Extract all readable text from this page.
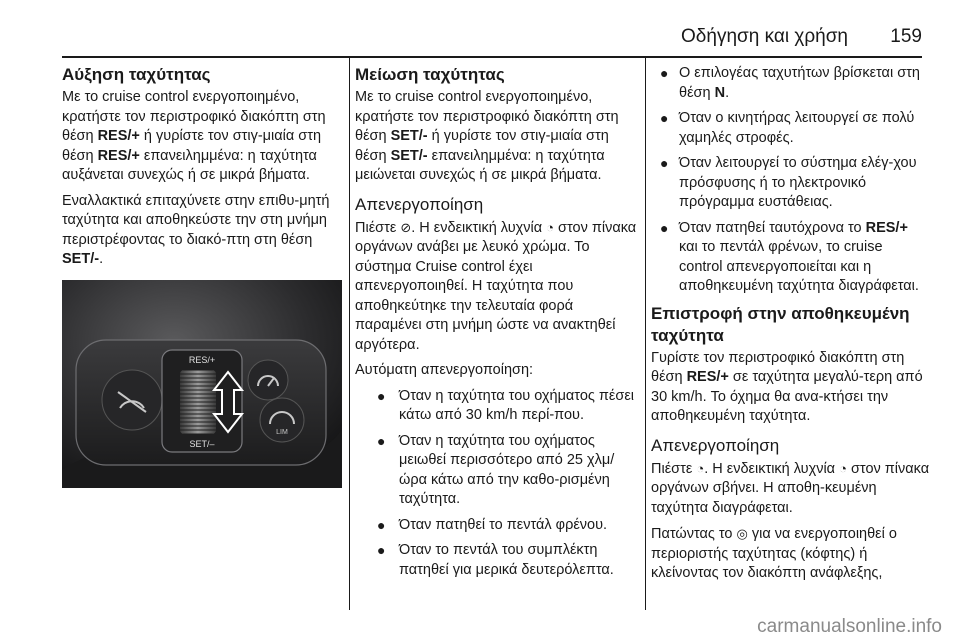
Οδήγηση και χρήση 159
Αύξηση ταχύτητας

Με το cruise control ενεργοποιημένο, κρατήστε τον περιστροφικό διακόπτη στη θέση RES/+ ή γυρίστε τον στιγ-μιαία στη θέση RES/+ επανειλημμένα: η ταχύτητα αυξάνεται συνεχώς ή σε μικρά βήματα.

Εναλλακτικά επιταχύνετε στην επιθυ-μητή ταχύτητα και αποθηκεύστε την στη μνήμη περιστρέφοντας το διακό-πτη στη θέση SET/-.

RES/+
SET/–
LIM
Μείωση ταχύτητας

Με το cruise control ενεργοποιημένο, κρατήστε τον περιστροφικό διακόπτη στη θέση SET/- ή γυρίστε τον στιγ-μιαία στη θέση SET/- επανειλημμένα: η ταχύτητα μειώνεται συνεχώς ή σε μικρά βήματα.

Απενεργοποίηση

Πιέστε ⊘. Η ενδεικτική λυχνία ◔ στον πίνακα οργάνων ανάβει με λευκό χρώμα. Το σύστημα Cruise control έχει απενεργοποιηθεί. Η ταχύτητα που αποθηκεύτηκε την τελευταία φορά παραμένει στη μνήμη ώστε να ανακτηθεί αργότερα.

Αυτόματη απενεργοποίηση:

● Όταν η ταχύτητα του οχήματος πέσει κάτω από 30 km/h περί-που.
● Όταν η ταχύτητα του οχήματος μειωθεί περισσότερο από 25 χλμ/ώρα κάτω από την καθο-ρισμένη ταχύτητα.
● Όταν πατηθεί το πεντάλ φρένου.
● Όταν το πεντάλ του συμπλέκτη πατηθεί για μερικά δευτερόλεπτα.
● Ο επιλογέας ταχυτήτων βρίσκεται στη θέση N.
● Όταν ο κινητήρας λειτουργεί σε πολύ χαμηλές στροφές.
● Όταν λειτουργεί το σύστημα ελέγ-χου πρόσφυσης ή το ηλεκτρονικό πρόγραμμα ευστάθειας.
● Όταν πατηθεί ταυτόχρονα το RES/+ και το πεντάλ φρένων, το cruise control απενεργοποιείται και η αποθηκευμένη ταχύτητα διαγράφεται.
Επιστροφή στην αποθηκευμένη ταχύτητα

Γυρίστε τον περιστροφικό διακόπτη στη θέση RES/+ σε ταχύτητα μεγαλύ-τερη από 30 km/h. Το όχημα θα ανα-κτήσει την αποθηκευμένη ταχύτητα.

Απενεργοποίηση

Πιέστε ◔. Η ενδεικτική λυχνία ◔ στον πίνακα οργάνων σβήνει. Η αποθη-κευμένη ταχύτητα διαγράφεται.

Πατώντας το ◎ για να ενεργοποιηθεί ο περιοριστής ταχύτητας (κόφτης) ή κλείνοντας τον διακόπτη ανάφλεξης,

carmanualsonline.info
